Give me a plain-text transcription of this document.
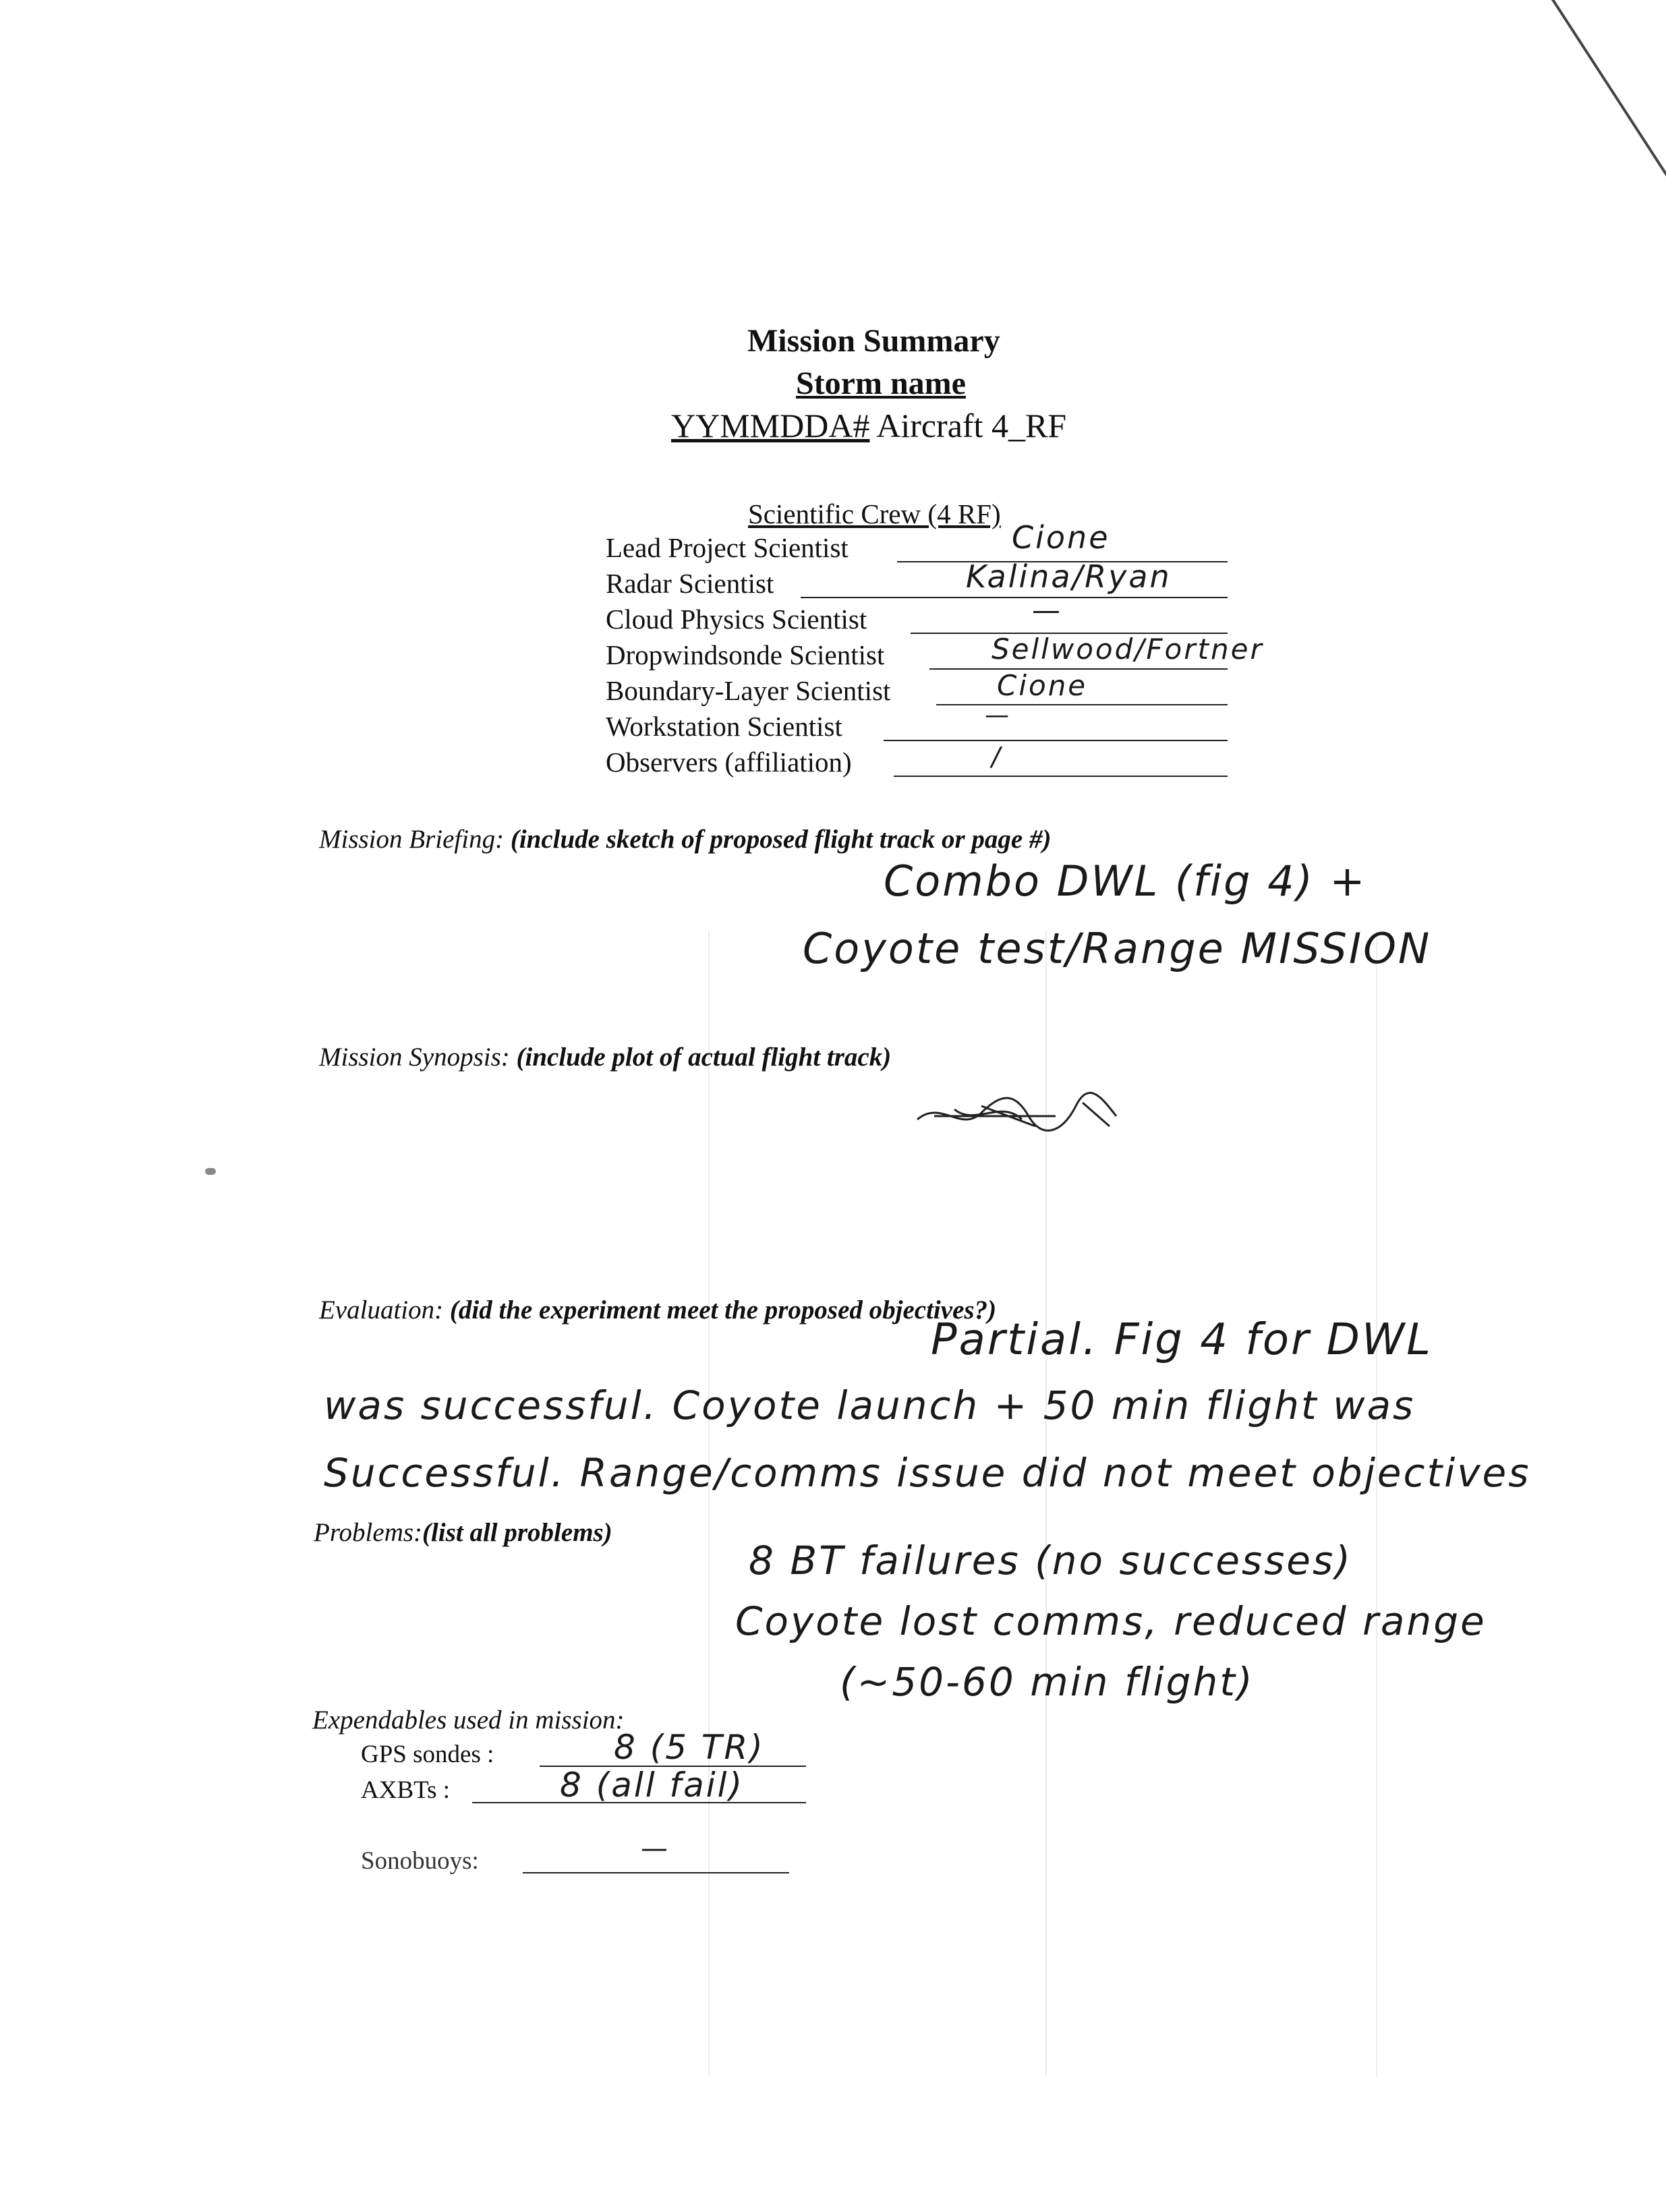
Mission Summary
Storm name
YYMMDDA# Aircraft 4_RF
Scientific Crew (4 RF)
Lead Project Scientist	Cione
Radar Scientist	Kalina/Ryan
Cloud Physics Scientist	—
Dropwindsonde Scientist	Sellwood/Fortner
Boundary-Layer Scientist	Cione
Workstation Scientist	—
Observers (affiliation)	/
Mission Briefing: (include sketch of proposed flight track or page #)
Combo DWL (fig 4) +
Coyote test/Range MISSION
Mission Synopsis: (include plot of actual flight track)
Evaluation: (did the experiment meet the proposed objectives?)
Partial. Fig 4 for DWL
was successful. Coyote launch + 50 min flight was
Successful. Range/comms issue did not meet objectives
Problems:(list all problems)
8 BT failures (no successes)
Coyote lost comms, reduced range
(~50-60 min flight)
Expendables used in mission:
GPS sondes :	8 (5 TR)
AXBTs :	8 (all fail)
Sonobuoys:	—
